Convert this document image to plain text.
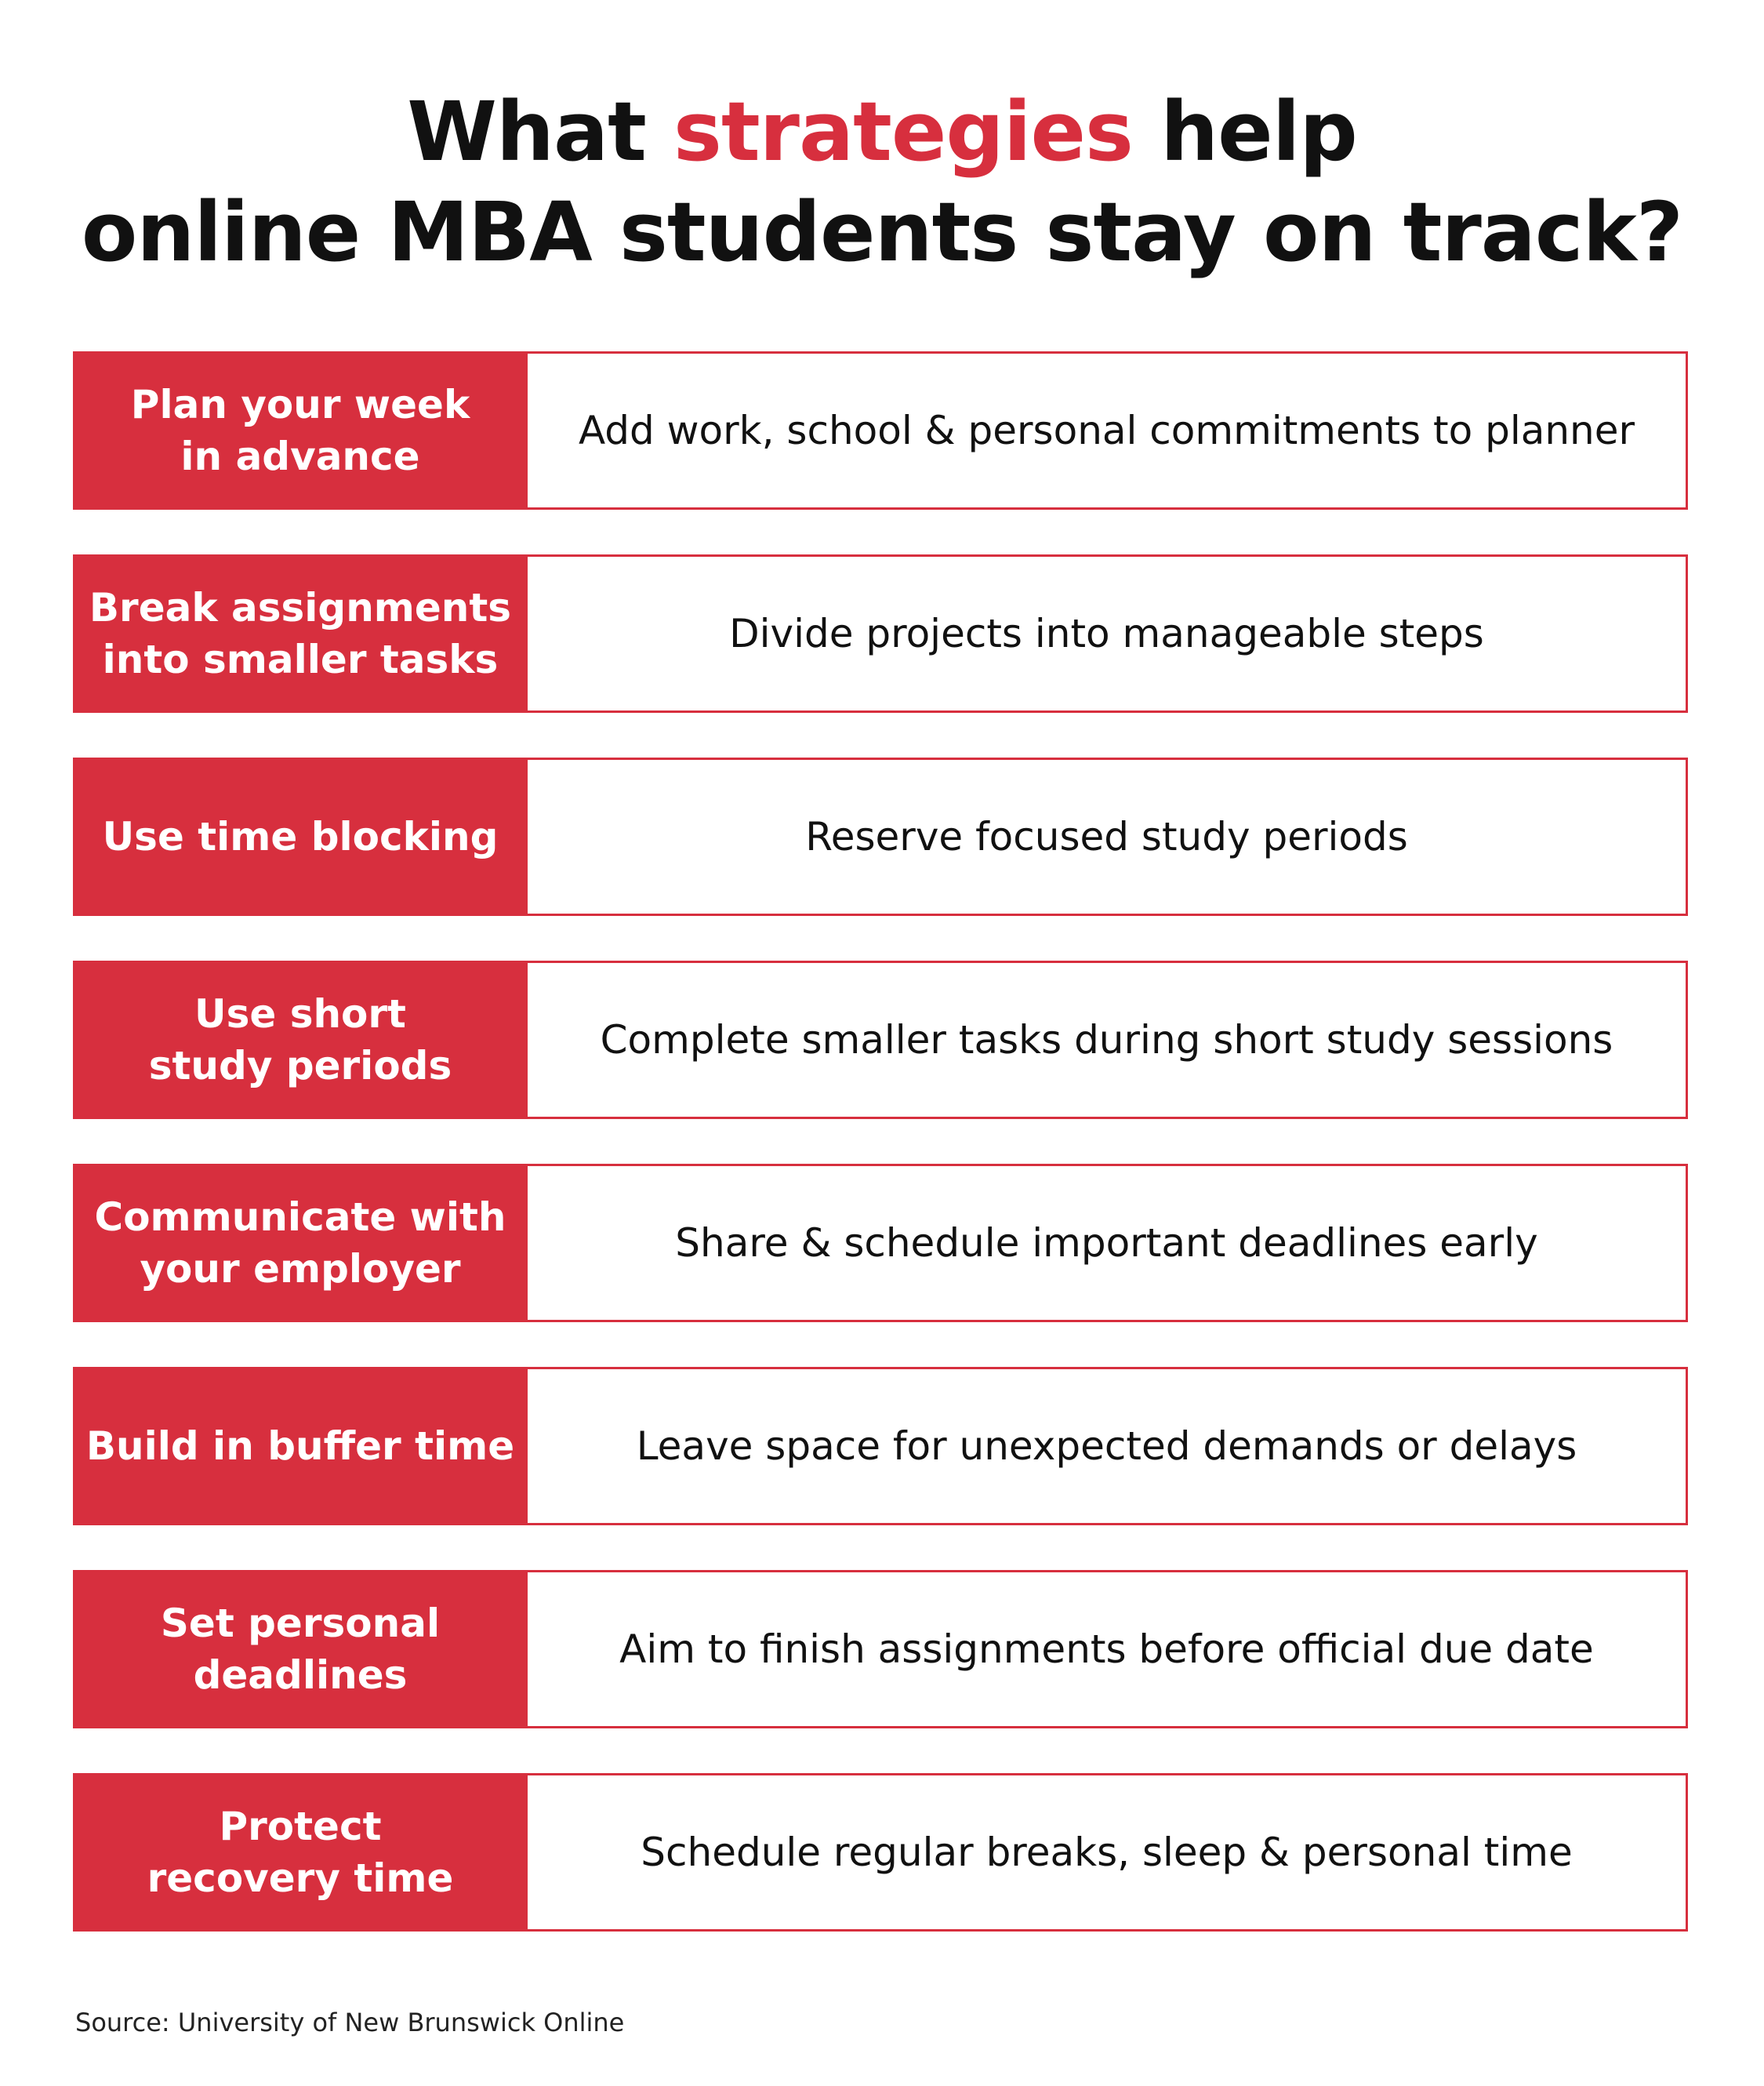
What strategies help
online MBA students stay on track?
Plan your week
in advance
Add work, school & personal commitments to planner
Break assignments
into smaller tasks
Divide projects into manageable steps
Use time blocking	Reserve focused study periods
Use short
study periods
Complete smaller tasks during short study sessions
Communicate with
your employer
Share & schedule important deadlines early
Build in buffer time	Leave space for unexpected demands or delays
Set personal
deadlines
Aim to finish assignments before official due date
Protect
recovery time
Schedule regular breaks, sleep & personal time
Source: University of New Brunswick Online
